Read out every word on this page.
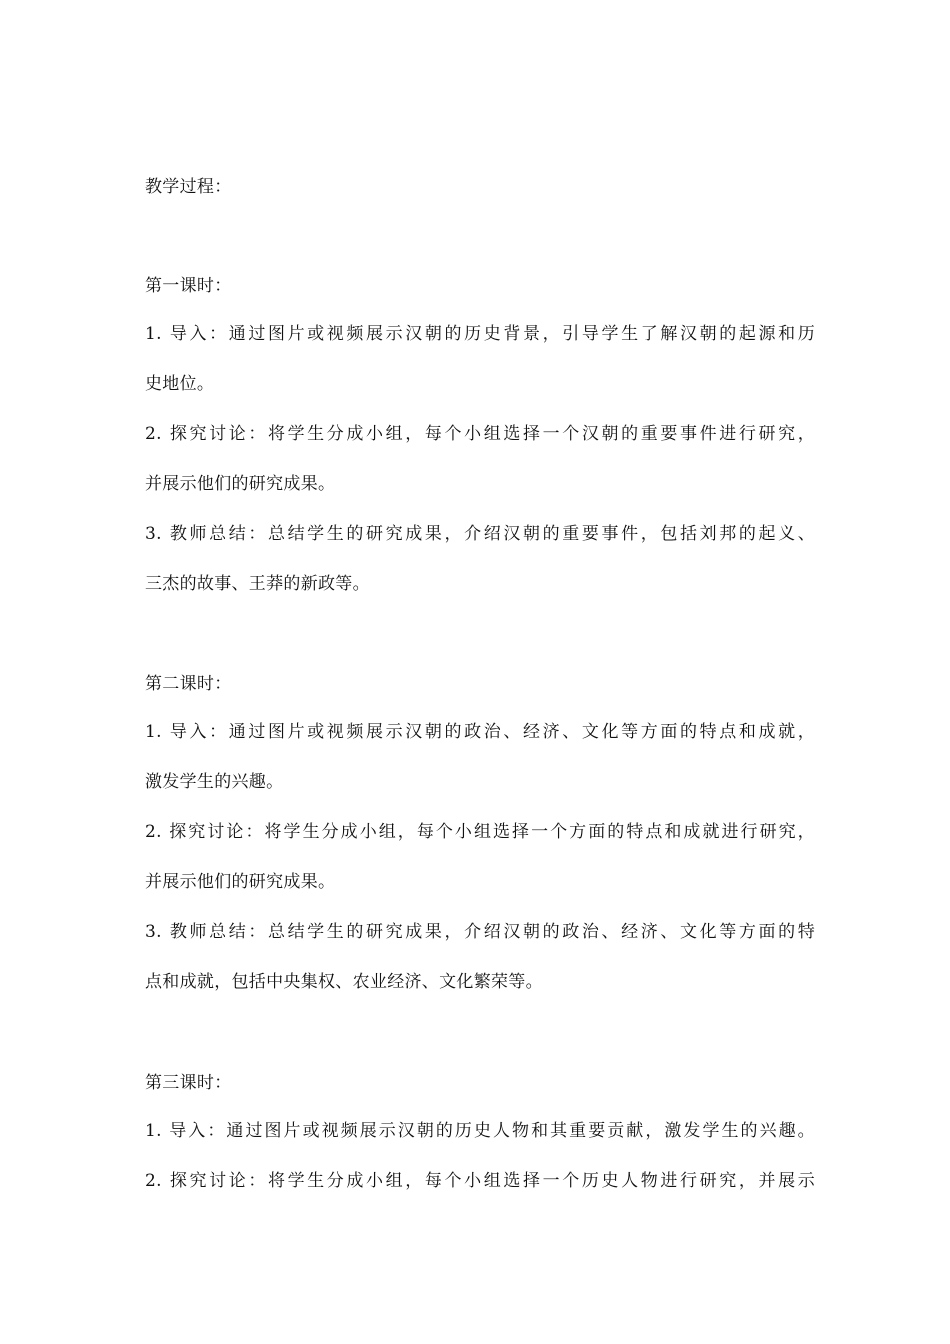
教学过程：
第一课时：
1. 导入：通过图片或视频展示汉朝的历史背景，引导学生了解汉朝的起源和历
史地位。
2. 探究讨论：将学生分成小组，每个小组选择一个汉朝的重要事件进行研究，
并展示他们的研究成果。
3. 教师总结：总结学生的研究成果，介绍汉朝的重要事件，包括刘邦的起义、
三杰的故事、王莽的新政等。
第二课时：
1. 导入：通过图片或视频展示汉朝的政治、经济、文化等方面的特点和成就，
激发学生的兴趣。
2. 探究讨论：将学生分成小组，每个小组选择一个方面的特点和成就进行研究，
并展示他们的研究成果。
3. 教师总结：总结学生的研究成果，介绍汉朝的政治、经济、文化等方面的特
点和成就，包括中央集权、农业经济、文化繁荣等。
第三课时：
1. 导入：通过图片或视频展示汉朝的历史人物和其重要贡献，激发学生的兴趣。
2. 探究讨论：将学生分成小组，每个小组选择一个历史人物进行研究，并展示
